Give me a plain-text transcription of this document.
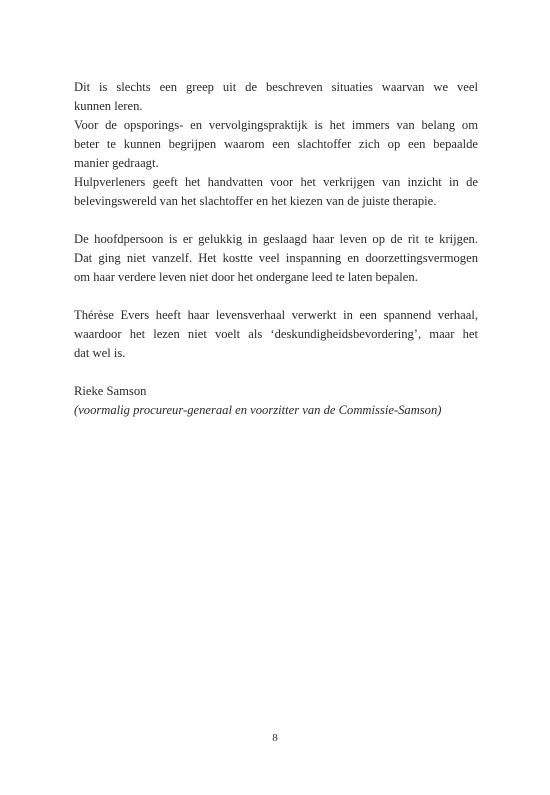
Dit is slechts een greep uit de beschreven situaties waarvan we veel
kunnen leren.
Voor de opsporings- en vervolgingspraktijk is het immers van belang om
beter te kunnen begrijpen waarom een slachtoffer zich op een bepaalde
manier gedraagt.
Hulpverleners geeft het handvatten voor het verkrijgen van inzicht in de
belevingswereld van het slachtoffer en het kiezen van de juiste therapie.

De hoofdpersoon is er gelukkig in geslaagd haar leven op de rit te krijgen.
Dat ging niet vanzelf. Het kostte veel inspanning en doorzettingsvermogen
om haar verdere leven niet door het ondergane leed te laten bepalen.

Thérèse Evers heeft haar levensverhaal verwerkt in een spannend verhaal,
waardoor het lezen niet voelt als ‘deskundigheidsbevordering’, maar het
dat wel is.

Rieke Samson
(voormalig procureur-generaal en voorzitter van de Commissie-Samson)

8
